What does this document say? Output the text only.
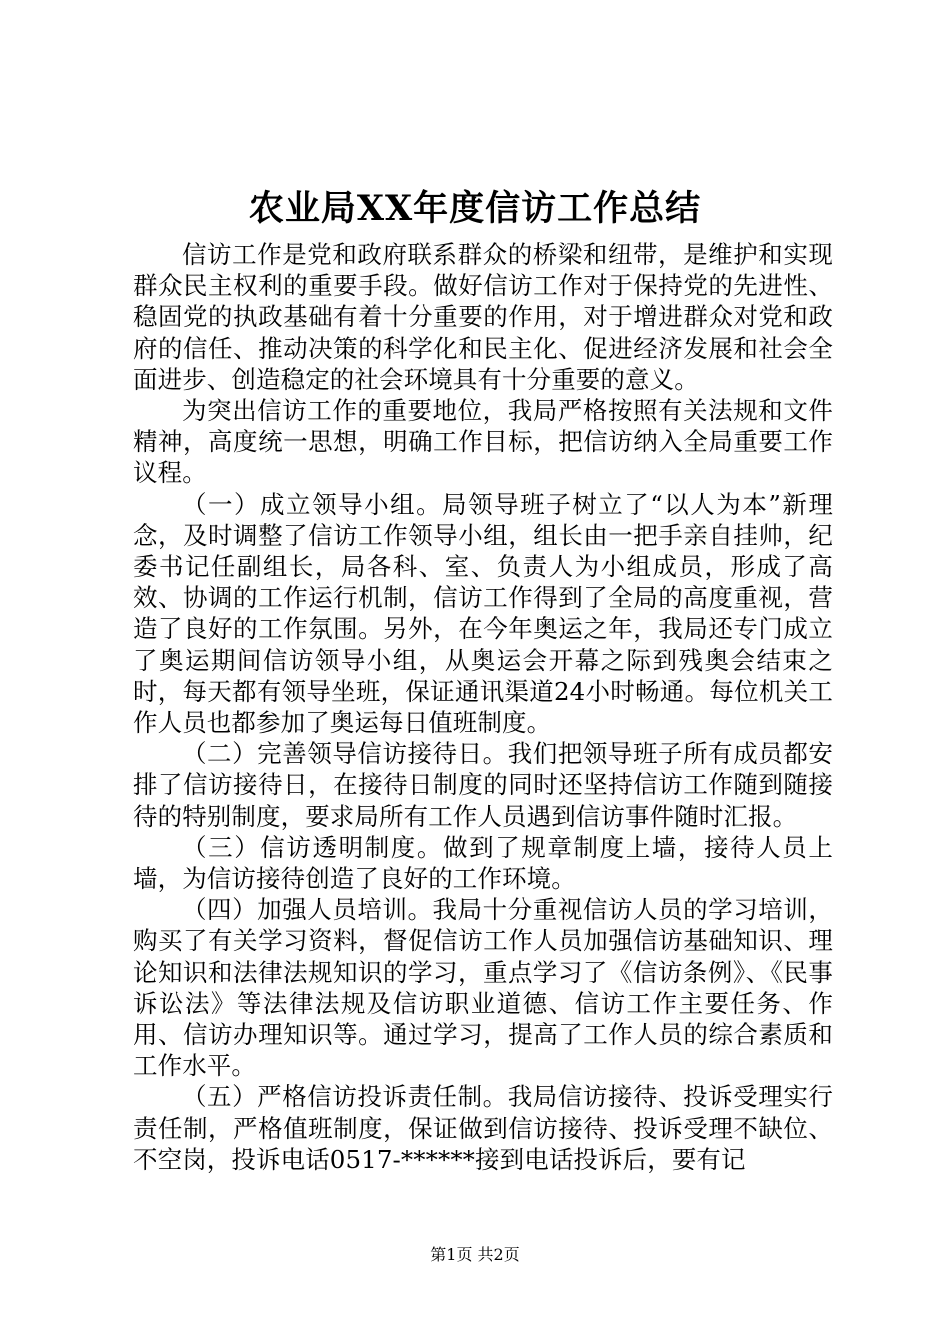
农业局XX年度信访工作总结

信访工作是党和政府联系群众的桥梁和纽带，是维护和实现群众民主权利的重要手段。做好信访工作对于保持党的先进性、稳固党的执政基础有着十分重要的作用，对于增进群众对党和政府的信任、推动决策的科学化和民主化、促进经济发展和社会全面进步、创造稳定的社会环境具有十分重要的意义。

为突出信访工作的重要地位，我局严格按照有关法规和文件精神，高度统一思想，明确工作目标，把信访纳入全局重要工作议程。

（一）成立领导小组。局领导班子树立了“以人为本”新理念，及时调整了信访工作领导小组，组长由一把手亲自挂帅，纪委书记任副组长，局各科、室、负责人为小组成员，形成了高效、协调的工作运行机制，信访工作得到了全局的高度重视，营造了良好的工作氛围。另外，在今年奥运之年，我局还专门成立了奥运期间信访领导小组，从奥运会开幕之际到残奥会结束之时，每天都有领导坐班，保证通讯渠道24小时畅通。每位机关工作人员也都参加了奥运每日值班制度。

（二）完善领导信访接待日。我们把领导班子所有成员都安排了信访接待日，在接待日制度的同时还坚持信访工作随到随接待的特别制度，要求局所有工作人员遇到信访事件随时汇报。

（三）信访透明制度。做到了规章制度上墙，接待人员上墙，为信访接待创造了良好的工作环境。

（四）加强人员培训。我局十分重视信访人员的学习培训，购买了有关学习资料，督促信访工作人员加强信访基础知识、理论知识和法律法规知识的学习，重点学习了《信访条例》、《民事诉讼法》等法律法规及信访职业道德、信访工作主要任务、作用、信访办理知识等。通过学习，提高了工作人员的综合素质和工作水平。

（五）严格信访投诉责任制。我局信访接待、投诉受理实行责任制，严格值班制度，保证做到信访接待、投诉受理不缺位、不空岗，投诉电话0517-******接到电话投诉后，要有记

第1页 共2页
